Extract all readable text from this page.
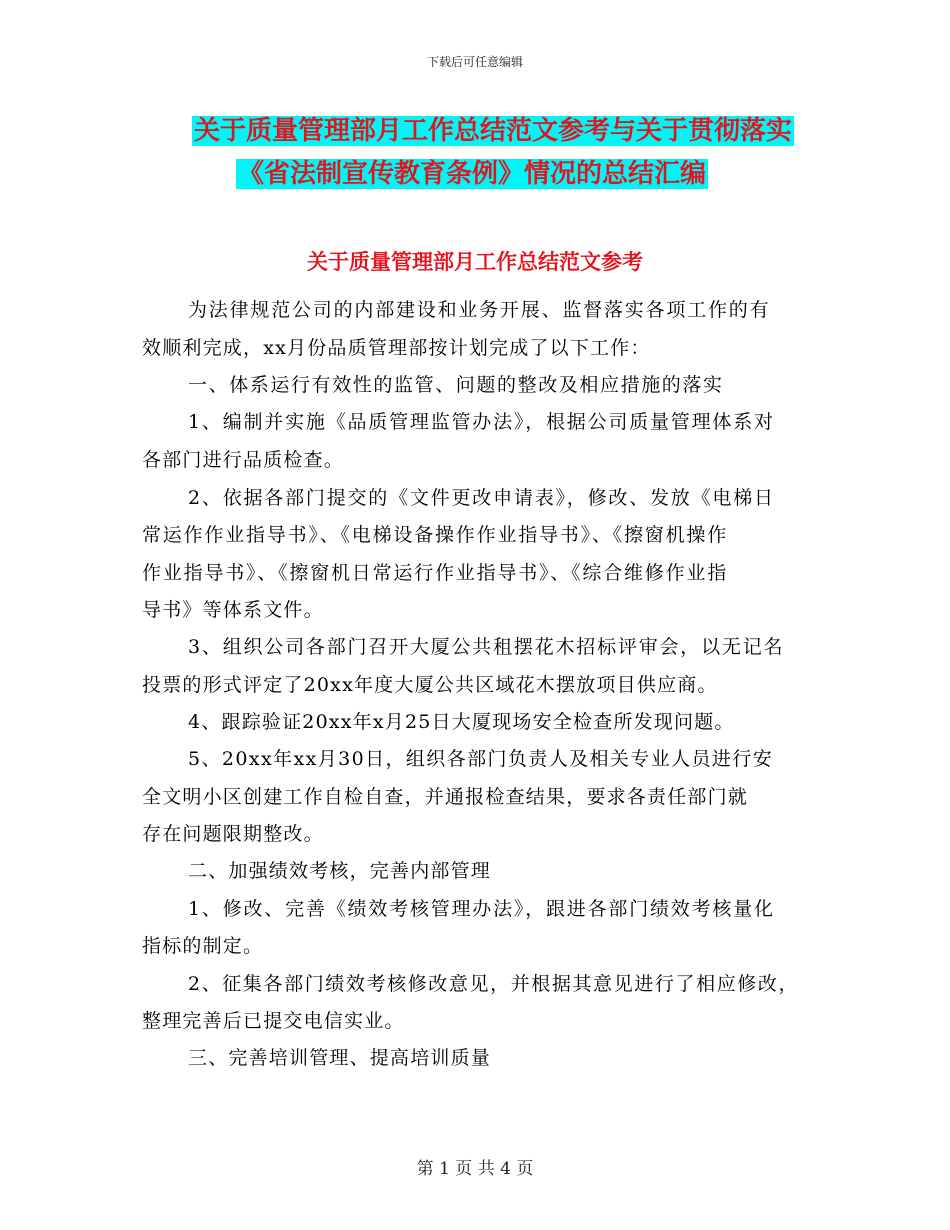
下载后可任意编辑
关于质量管理部月工作总结范文参考与关于贯彻落实
《省法制宣传教育条例》情况的总结汇编
关于质量管理部月工作总结范文参考
为法律规范公司的内部建设和业务开展、监督落实各项工作的有
效顺利完成，xx月份品质管理部按计划完成了以下工作：
一、体系运行有效性的监管、问题的整改及相应措施的落实
1、编制并实施《品质管理监管办法》，根据公司质量管理体系对
各部门进行品质检查。
2、依据各部门提交的《文件更改申请表》，修改、发放《电梯日
常运作作业指导书》、《电梯设备操作作业指导书》、《擦窗机操作
作业指导书》、《擦窗机日常运行作业指导书》、《综合维修作业指
导书》等体系文件。
3、组织公司各部门召开大厦公共租摆花木招标评审会，以无记名
投票的形式评定了20xx年度大厦公共区域花木摆放项目供应商。
4、跟踪验证20xx年x月25日大厦现场安全检查所发现问题。
5、20xx年xx月30日，组织各部门负责人及相关专业人员进行安
全文明小区创建工作自检自查，并通报检查结果，要求各责任部门就
存在问题限期整改。
二、加强绩效考核，完善内部管理
1、修改、完善《绩效考核管理办法》，跟进各部门绩效考核量化
指标的制定。
2、征集各部门绩效考核修改意见，并根据其意见进行了相应修改，
整理完善后已提交电信实业。
三、完善培训管理、提高培训质量
第 1 页 共 4 页
